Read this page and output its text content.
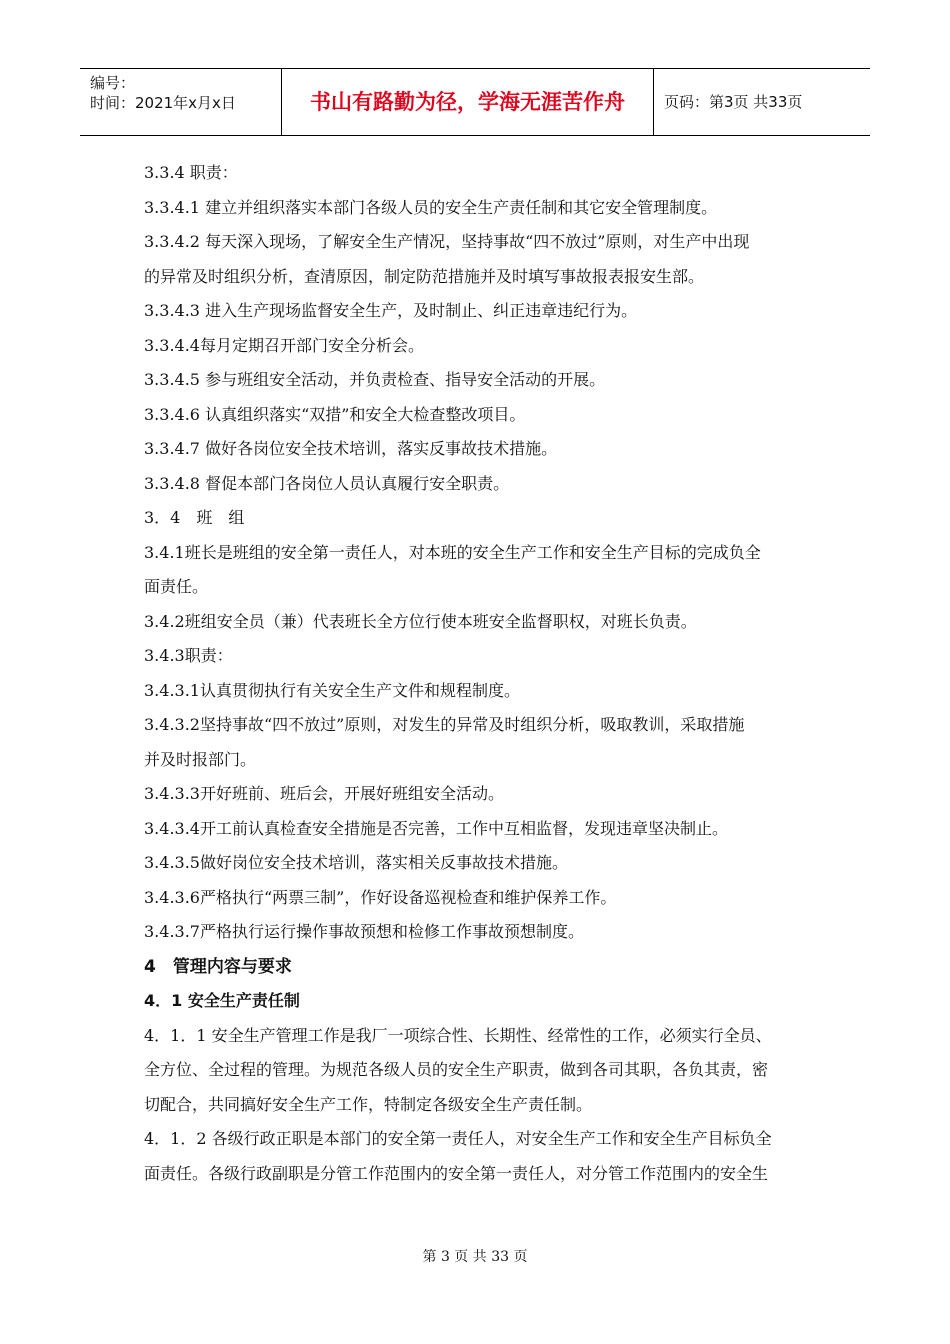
编号：
时间：2021年x月x日	书山有路勤为径，学海无涯苦作舟	页码：第3页 共33页
3.3.4 职责：
3.3.4.1 建立并组织落实本部门各级人员的安全生产责任制和其它安全管理制度。
3.3.4.2 每天深入现场，了解安全生产情况，坚持事故“四不放过”原则，对生产中出现
的异常及时组织分析，查清原因，制定防范措施并及时填写事故报表报安生部。
3.3.4.3 进入生产现场监督安全生产，及时制止、纠正违章违纪行为。
3.3.4.4每月定期召开部门安全分析会。
3.3.4.5 参与班组安全活动，并负责检查、指导安全活动的开展。
3.3.4.6 认真组织落实“双措”和安全大检查整改项目。
3.3.4.7 做好各岗位安全技术培训，落实反事故技术措施。
3.3.4.8 督促本部门各岗位人员认真履行安全职责。
3．4　班　组
3.4.1班长是班组的安全第一责任人，对本班的安全生产工作和安全生产目标的完成负全
面责任。
3.4.2班组安全员（兼）代表班长全方位行使本班安全监督职权，对班长负责。
3.4.3职责：
3.4.3.1认真贯彻执行有关安全生产文件和规程制度。
3.4.3.2坚持事故“四不放过”原则，对发生的异常及时组织分析，吸取教训，采取措施
并及时报部门。
3.4.3.3开好班前、班后会，开展好班组安全活动。
3.4.3.4开工前认真检查安全措施是否完善，工作中互相监督，发现违章坚决制止。
3.4.3.5做好岗位安全技术培训，落实相关反事故技术措施。
3.4.3.6严格执行“两票三制”，作好设备巡视检查和维护保养工作。
3.4.3.7严格执行运行操作事故预想和检修工作事故预想制度。
4　管理内容与要求
4．1 安全生产责任制
4．1．1 安全生产管理工作是我厂一项综合性、长期性、经常性的工作，必须实行全员、
全方位、全过程的管理。为规范各级人员的安全生产职责，做到各司其职，各负其责，密
切配合，共同搞好安全生产工作，特制定各级安全生产责任制。
4．1．2 各级行政正职是本部门的安全第一责任人，对安全生产工作和安全生产目标负全
面责任。各级行政副职是分管工作范围内的安全第一责任人，对分管工作范围内的安全生
第 3 页 共 33 页
